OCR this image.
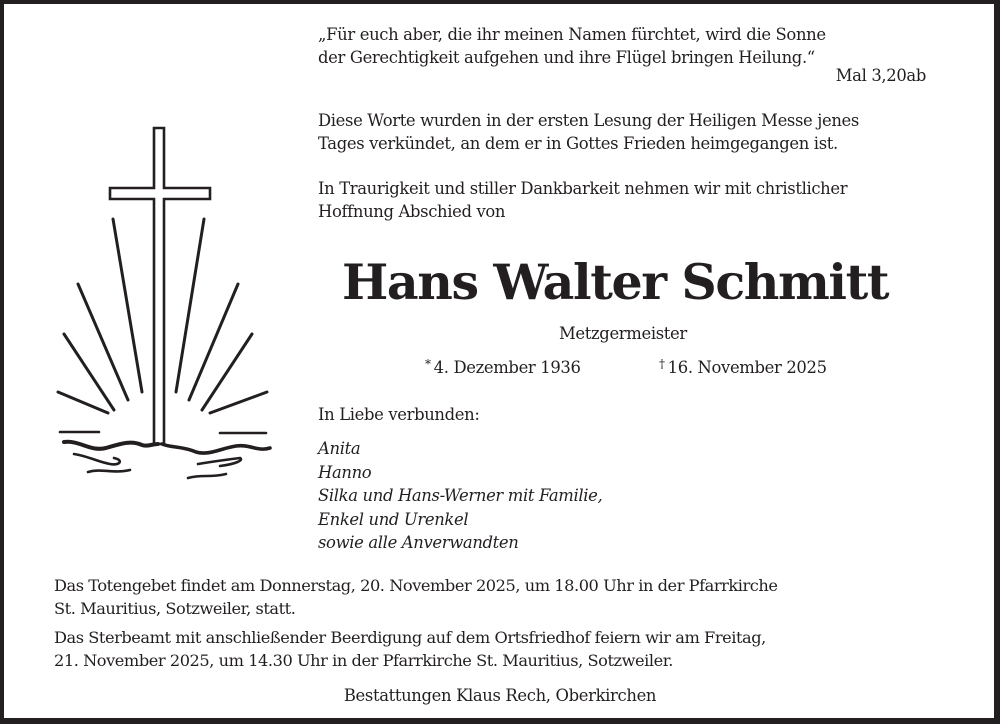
„Für euch aber, die ihr meinen Namen fürchtet, wird die Sonne
der Gerechtigkeit aufgehen und ihre Flügel bringen Heilung.“
Mal 3,20ab
Diese Worte wurden in der ersten Lesung der Heiligen Messe jenes
Tages verkündet, an dem er in Gottes Frieden heimgegangen ist.
In Traurigkeit und stiller Dankbarkeit nehmen wir mit christlicher
Hoffnung Abschied von
Hans Walter Schmitt
Metzgermeister
* 4. Dezember 1936	† 16. November 2025
In Liebe verbunden:
Anita
Hanno
Silka und Hans-Werner mit Familie,
Enkel und Urenkel
sowie alle Anverwandten
Das Totengebet findet am Donnerstag, 20. November 2025, um 18.00 Uhr in der Pfarrkirche
St. Mauritius, Sotzweiler, statt.
Das Sterbeamt mit anschließender Beerdigung auf dem Ortsfriedhof feiern wir am Freitag,
21. November 2025, um 14.30 Uhr in der Pfarrkirche St. Mauritius, Sotzweiler.
Bestattungen Klaus Rech, Oberkirchen
